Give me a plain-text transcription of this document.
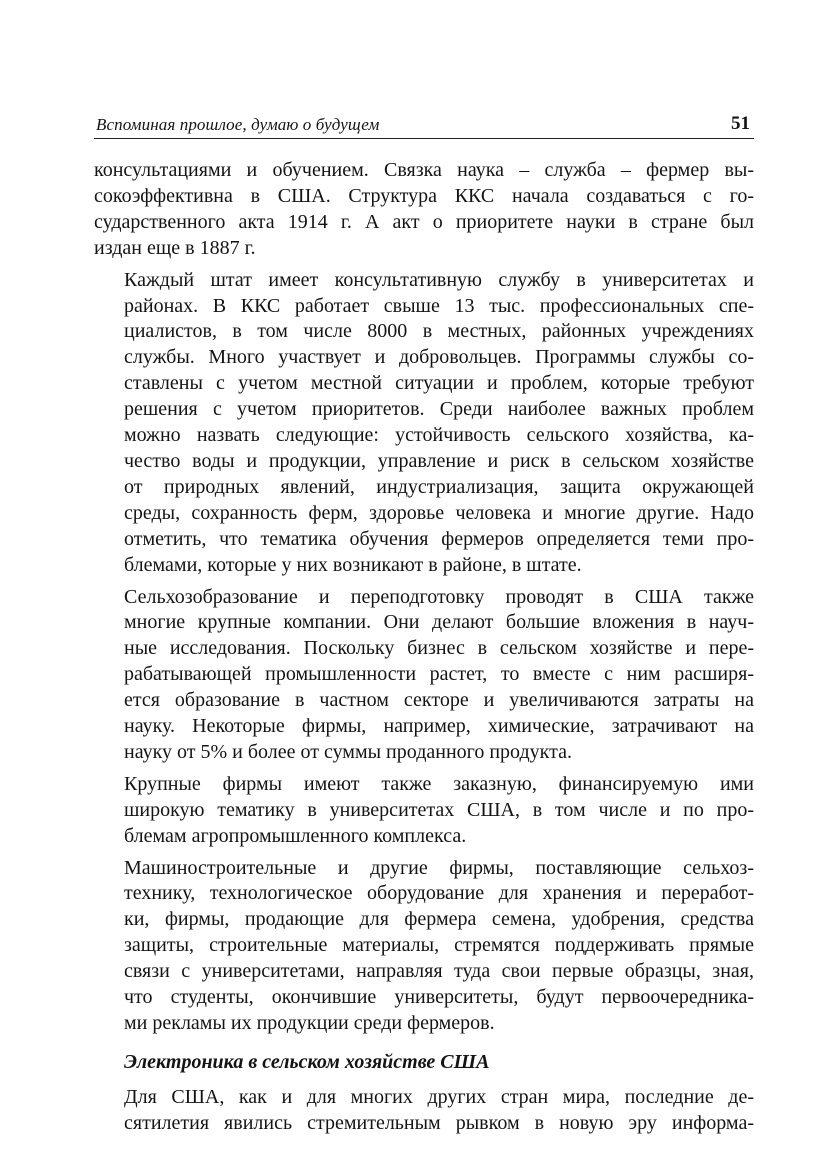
Вспоминая прошлое, думаю о будущем	51

консультациями и обучением. Связка наука – служба – фермер вы-
сокоэффективна в США. Структура ККС начала создаваться с го-
сударственного акта 1914 г. А акт о приоритете науки в стране был
издан еще в 1887 г.

Каждый штат имеет консультативную службу в университетах и
районах. В ККС работает свыше 13 тыс. профессиональных спе-
циалистов, в том числе 8000 в местных, районных учреждениях
службы. Много участвует и добровольцев. Программы службы со-
ставлены с учетом местной ситуации и проблем, которые требуют
решения с учетом приоритетов. Среди наиболее важных проблем
можно назвать следующие: устойчивость сельского хозяйства, ка-
чество воды и продукции, управление и риск в сельском хозяйстве
от природных явлений, индустриализация, защита окружающей
среды, сохранность ферм, здоровье человека и многие другие. Надо
отметить, что тематика обучения фермеров определяется теми про-
блемами, которые у них возникают в районе, в штате.

Сельхозобразование и переподготовку проводят в США также
многие крупные компании. Они делают большие вложения в науч-
ные исследования. Поскольку бизнес в сельском хозяйстве и пере-
рабатывающей промышленности растет, то вместе с ним расширя-
ется образование в частном секторе и увеличиваются затраты на
науку. Некоторые фирмы, например, химические, затрачивают на
науку от 5% и более от суммы проданного продукта.

Крупные фирмы имеют также заказную, финансируемую ими
широкую тематику в университетах США, в том числе и по про-
блемам агропромышленного комплекса.

Машиностроительные и другие фирмы, поставляющие сельхоз-
технику, технологическое оборудование для хранения и переработ-
ки, фирмы, продающие для фермера семена, удобрения, средства
защиты, строительные материалы, стремятся поддерживать прямые
связи с университетами, направляя туда свои первые образцы, зная,
что студенты, окончившие университеты, будут первоочередника-
ми рекламы их продукции среди фермеров.

Электроника в сельском хозяйстве США

Для США, как и для многих других стран мира, последние де-
сятилетия явились стремительным рывком в новую эру информа-
